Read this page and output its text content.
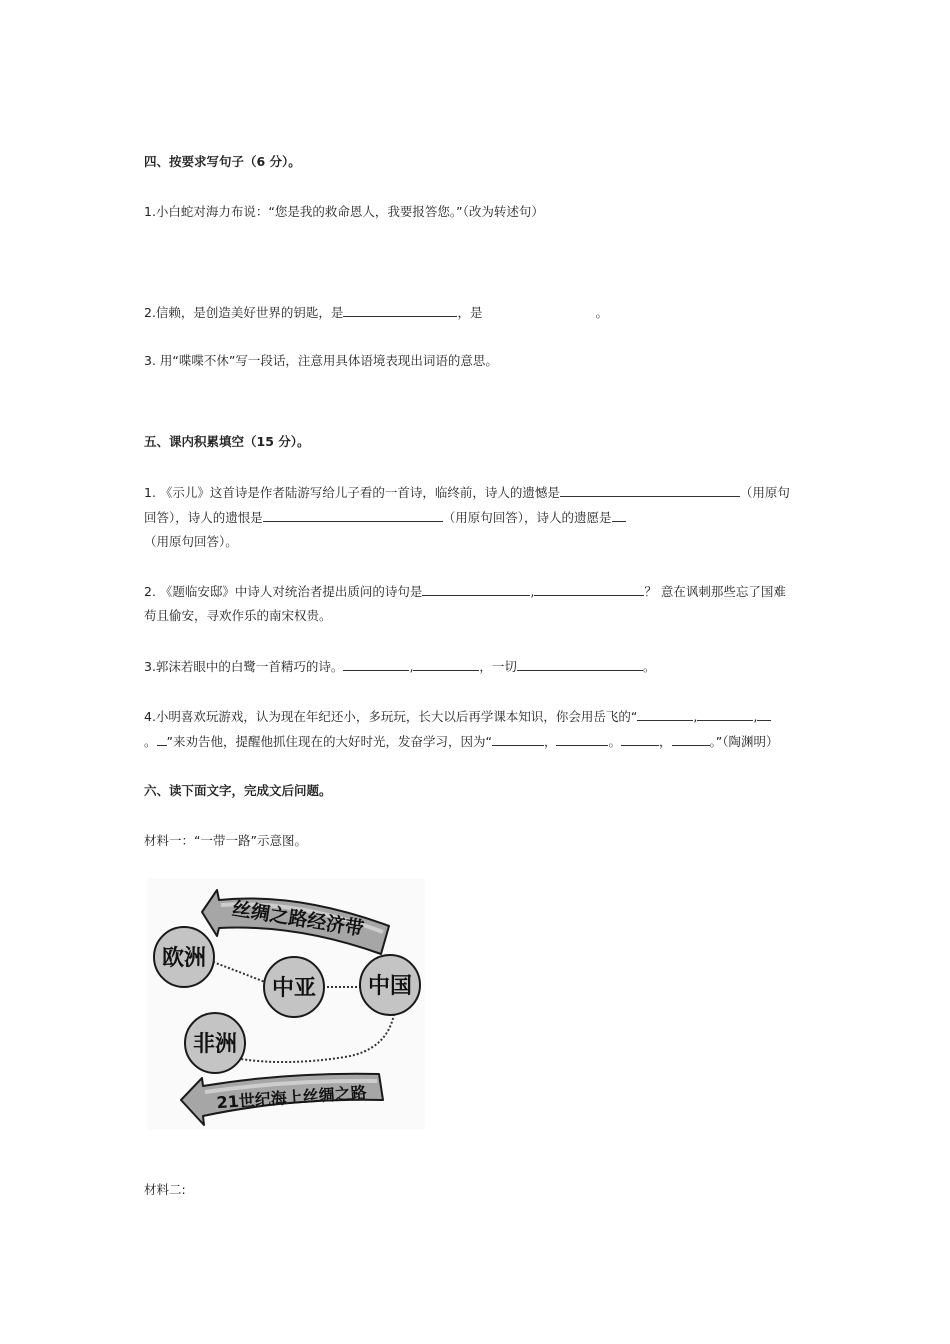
四、按要求写句子（6 分）。
1.小白蛇对海力布说：“您是我的救命恩人，我要报答您。”（改为转述句）
2.信赖，是创造美好世界的钥匙，是	，是	。
3. 用“喋喋不休”写一段话，注意用具体语境表现出词语的意思。
五、课内积累填空（15 分）。
1. 《示儿》这首诗是作者陆游写给儿子看的一首诗，临终前，诗人的遗憾是	（用原句
回答），诗人的遗恨是	（用原句回答），诗人的遗愿是
（用原句回答）。
2. 《题临安邸》中诗人对统治者提出质问的诗句是	,	？ 意在讽刺那些忘了国难
苟且偷安，寻欢作乐的南宋权贵。
3.郭沫若眼中的白鹭一首精巧的诗。	,	，一切	。
4.小明喜欢玩游戏，认为现在年纪还小，多玩玩，长大以后再学课本知识，你会用岳飞的“	,	,
。 ”来劝告他，提醒他抓住现在的大好时光，发奋学习，因为“	，	。	，	。”（陶渊明）
六、读下面文字，完成文后问题。
材料一：“一带一路”示意图。
丝绸之路经济带
欧洲
中亚 中国
非洲
21世纪海上丝绸之路
材料二:
